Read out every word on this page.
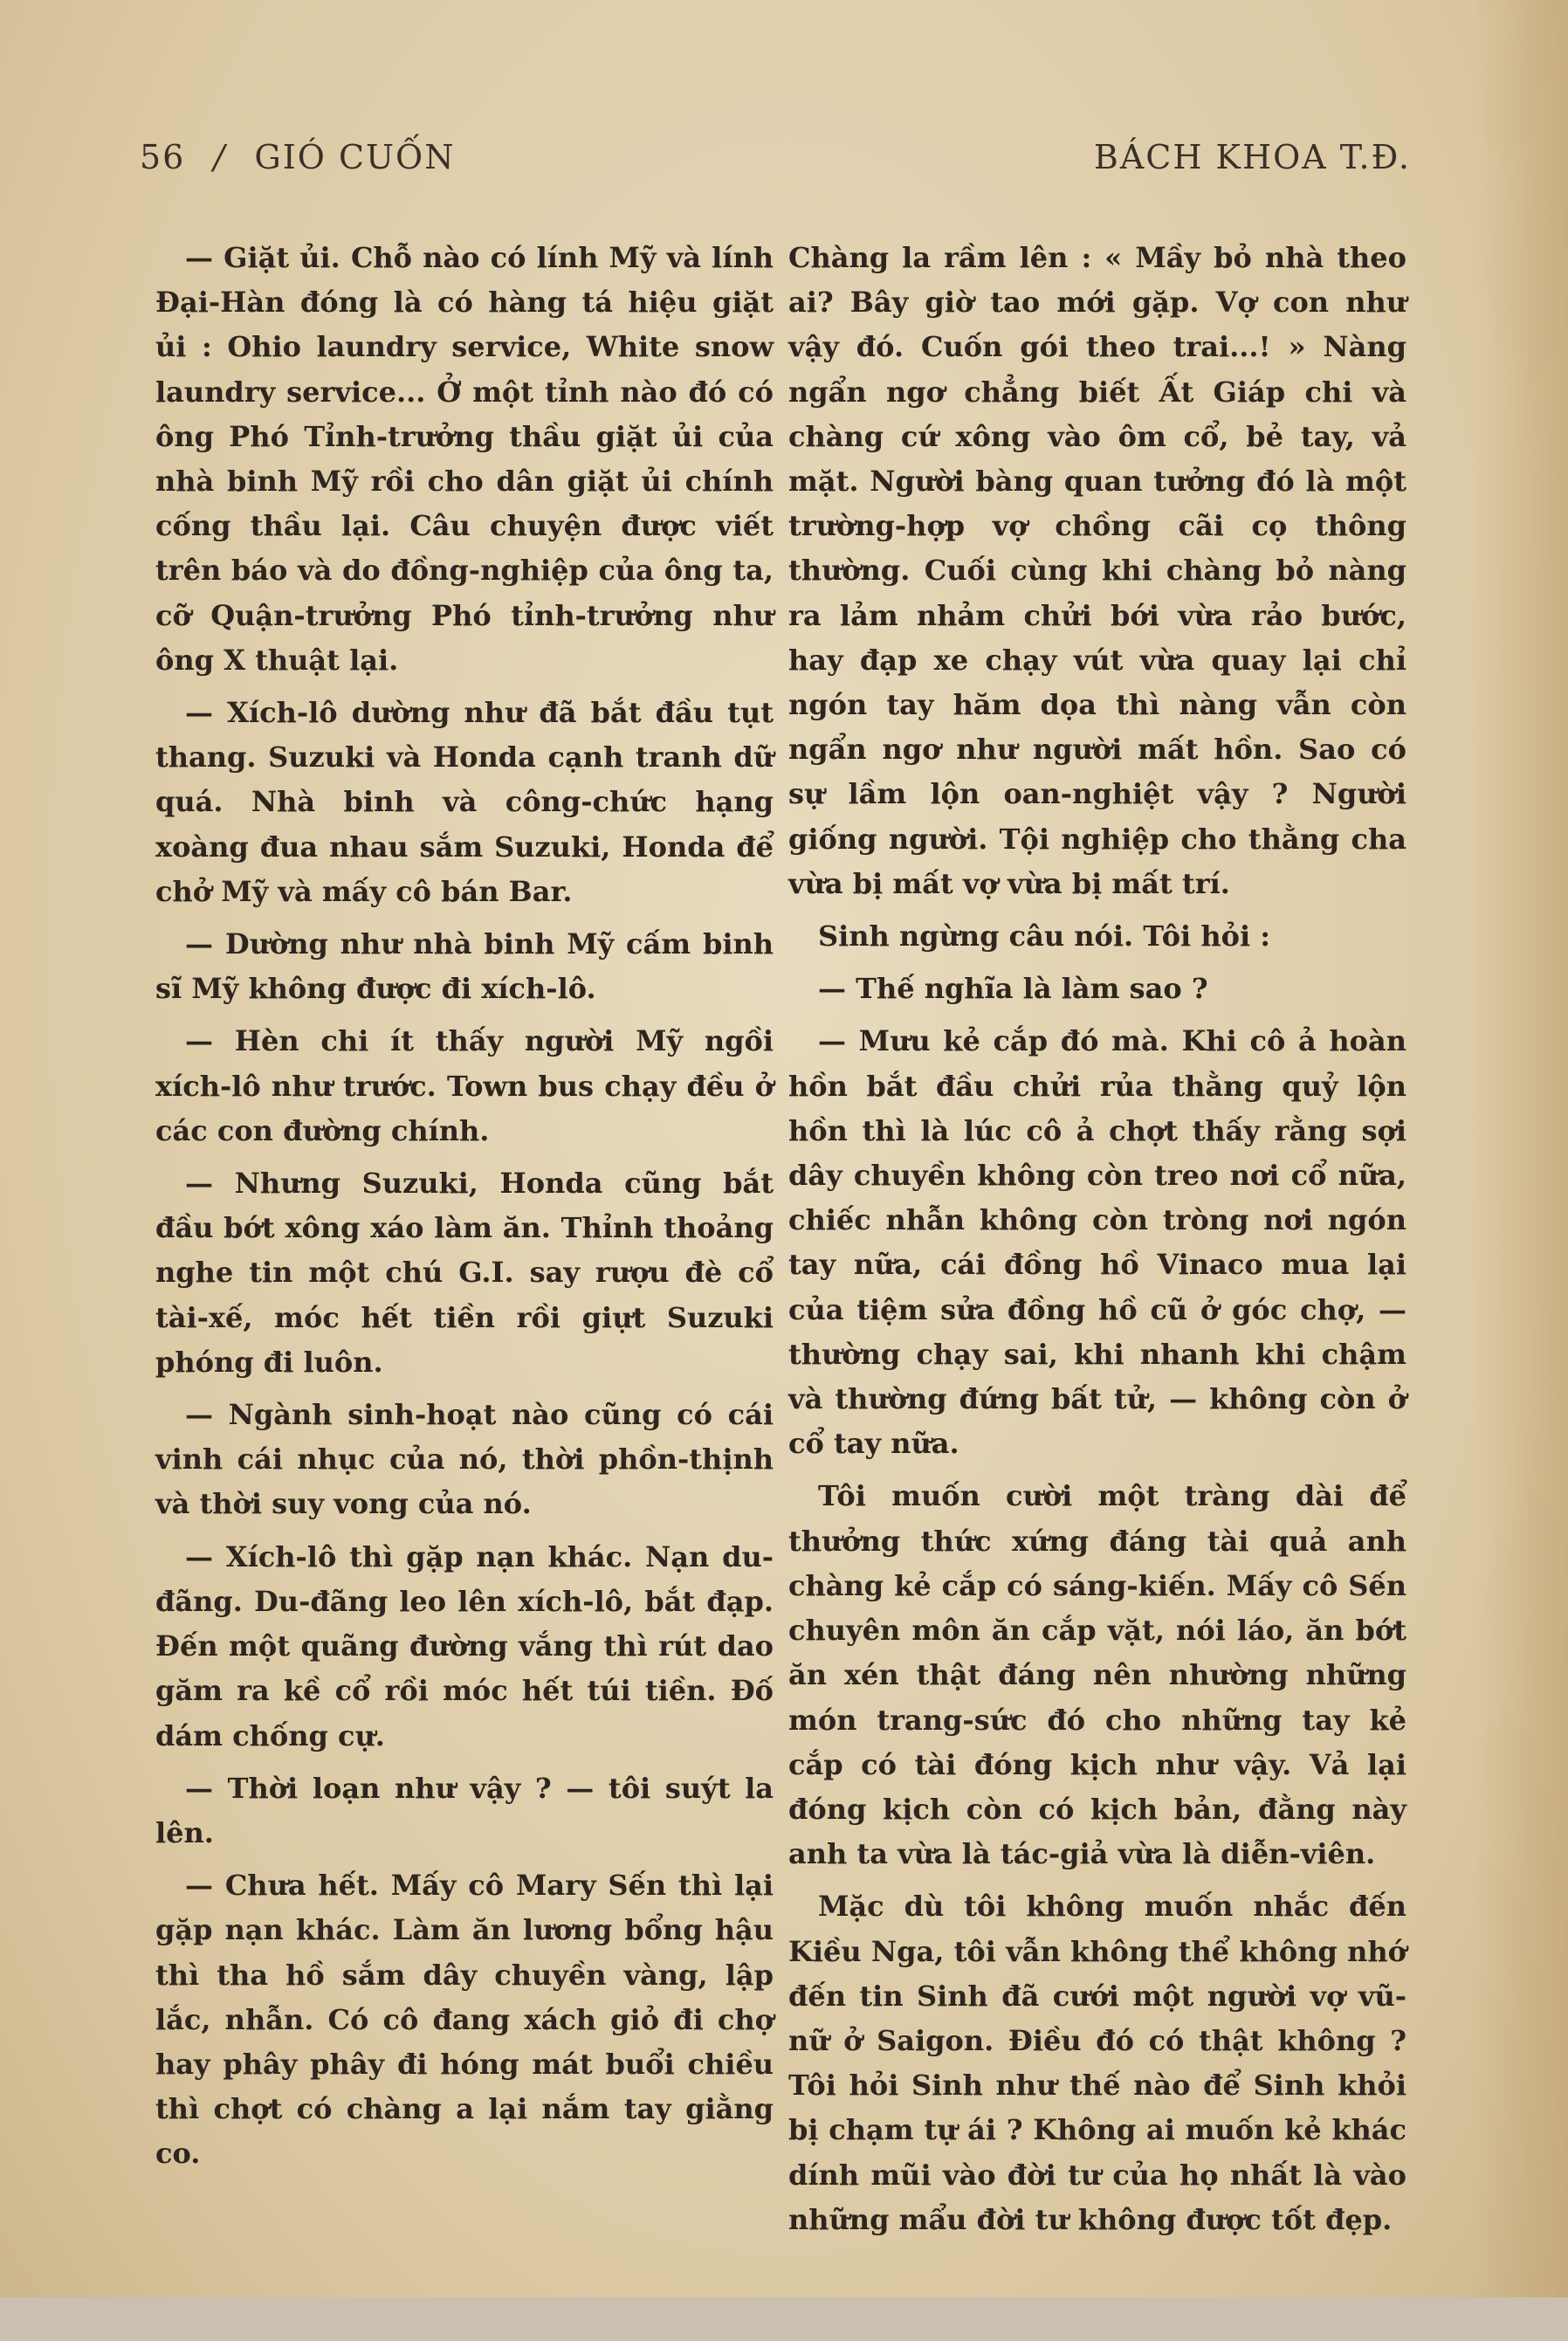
56 / GIÓ CUỐN	BÁCH KHOA T.Đ.

— Giặt ủi. Chỗ nào có lính Mỹ và lính Đại-Hàn đóng là có hàng tá hiệu giặt ủi : Ohio laundry service, White snow laundry service... Ở một tỉnh nào đó có ông Phó Tỉnh-trưởng thầu giặt ủi của nhà binh Mỹ rồi cho dân giặt ủi chính cống thầu lại. Câu chuyện được viết trên báo và do đồng-nghiệp của ông ta, cỡ Quận-trưởng Phó tỉnh-trưởng như ông X thuật lại.

— Xích-lô dường như đã bắt đầu tụt thang. Suzuki và Honda cạnh tranh dữ quá. Nhà binh và công-chức hạng xoàng đua nhau sắm Suzuki, Honda để chở Mỹ và mấy cô bán Bar.

— Dường như nhà binh Mỹ cấm binh sĩ Mỹ không được đi xích-lô.

— Hèn chi ít thấy người Mỹ ngồi xích-lô như trước. Town bus chạy đều ở các con đường chính.

— Nhưng Suzuki, Honda cũng bắt đầu bớt xông xáo làm ăn. Thỉnh thoảng nghe tin một chú G.I. say rượu đè cổ tài-xế, móc hết tiền rồi giựt Suzuki phóng đi luôn.

— Ngành sinh-hoạt nào cũng có cái vinh cái nhục của nó, thời phồn-thịnh và thời suy vong của nó.

— Xích-lô thì gặp nạn khác. Nạn du-đãng. Du-đãng leo lên xích-lô, bắt đạp. Đến một quãng đường vắng thì rút dao găm ra kề cổ rồi móc hết túi tiền. Đố dám chống cự.

— Thời loạn như vậy ? — tôi suýt la lên.

— Chưa hết. Mấy cô Mary Sến thì lại gặp nạn khác. Làm ăn lương bổng hậu thì tha hồ sắm dây chuyền vàng, lập lắc, nhẫn. Có cô đang xách giỏ đi chợ hay phây phây đi hóng mát buổi chiều thì chợt có chàng a lại nắm tay giằng co.

Chàng la rầm lên : « Mầy bỏ nhà theo ai? Bây giờ tao mới gặp. Vợ con như vậy đó. Cuốn gói theo trai...! » Nàng ngẩn ngơ chẳng biết Ất Giáp chi và chàng cứ xông vào ôm cổ, bẻ tay, vả mặt. Người bàng quan tưởng đó là một trường-hợp vợ chồng cãi cọ thông thường. Cuối cùng khi chàng bỏ nàng ra lảm nhảm chửi bới vừa rảo bước, hay đạp xe chạy vút vừa quay lại chỉ ngón tay hăm dọa thì nàng vẫn còn ngẩn ngơ như người mất hồn. Sao có sự lầm lộn oan-nghiệt vậy ? Người giống người. Tội nghiệp cho thằng cha vừa bị mất vợ vừa bị mất trí.

Sinh ngừng câu nói. Tôi hỏi :

— Thế nghĩa là làm sao ?

— Mưu kẻ cắp đó mà. Khi cô ả hoàn hồn bắt đầu chửi rủa thằng quỷ lộn hồn thì là lúc cô ả chợt thấy rằng sợi dây chuyền không còn treo nơi cổ nữa, chiếc nhẫn không còn tròng nơi ngón tay nữa, cái đồng hồ Vinaco mua lại của tiệm sửa đồng hồ cũ ở góc chợ, — thường chạy sai, khi nhanh khi chậm và thường đứng bất tử, — không còn ở cổ tay nữa.

Tôi muốn cười một tràng dài để thưởng thức xứng đáng tài quả anh chàng kẻ cắp có sáng-kiến. Mấy cô Sến chuyên môn ăn cắp vặt, nói láo, ăn bớt ăn xén thật đáng nên nhường những món trang-sức đó cho những tay kẻ cắp có tài đóng kịch như vậy. Vả lại đóng kịch còn có kịch bản, đằng này anh ta vừa là tác-giả vừa là diễn-viên.

Mặc dù tôi không muốn nhắc đến Kiều Nga, tôi vẫn không thể không nhớ đến tin Sinh đã cưới một người vợ vũ-nữ ở Saigon. Điều đó có thật không ? Tôi hỏi Sinh như thế nào để Sinh khỏi bị chạm tự ái ? Không ai muốn kẻ khác dính mũi vào đời tư của họ nhất là vào những mẩu đời tư không được tốt đẹp.
